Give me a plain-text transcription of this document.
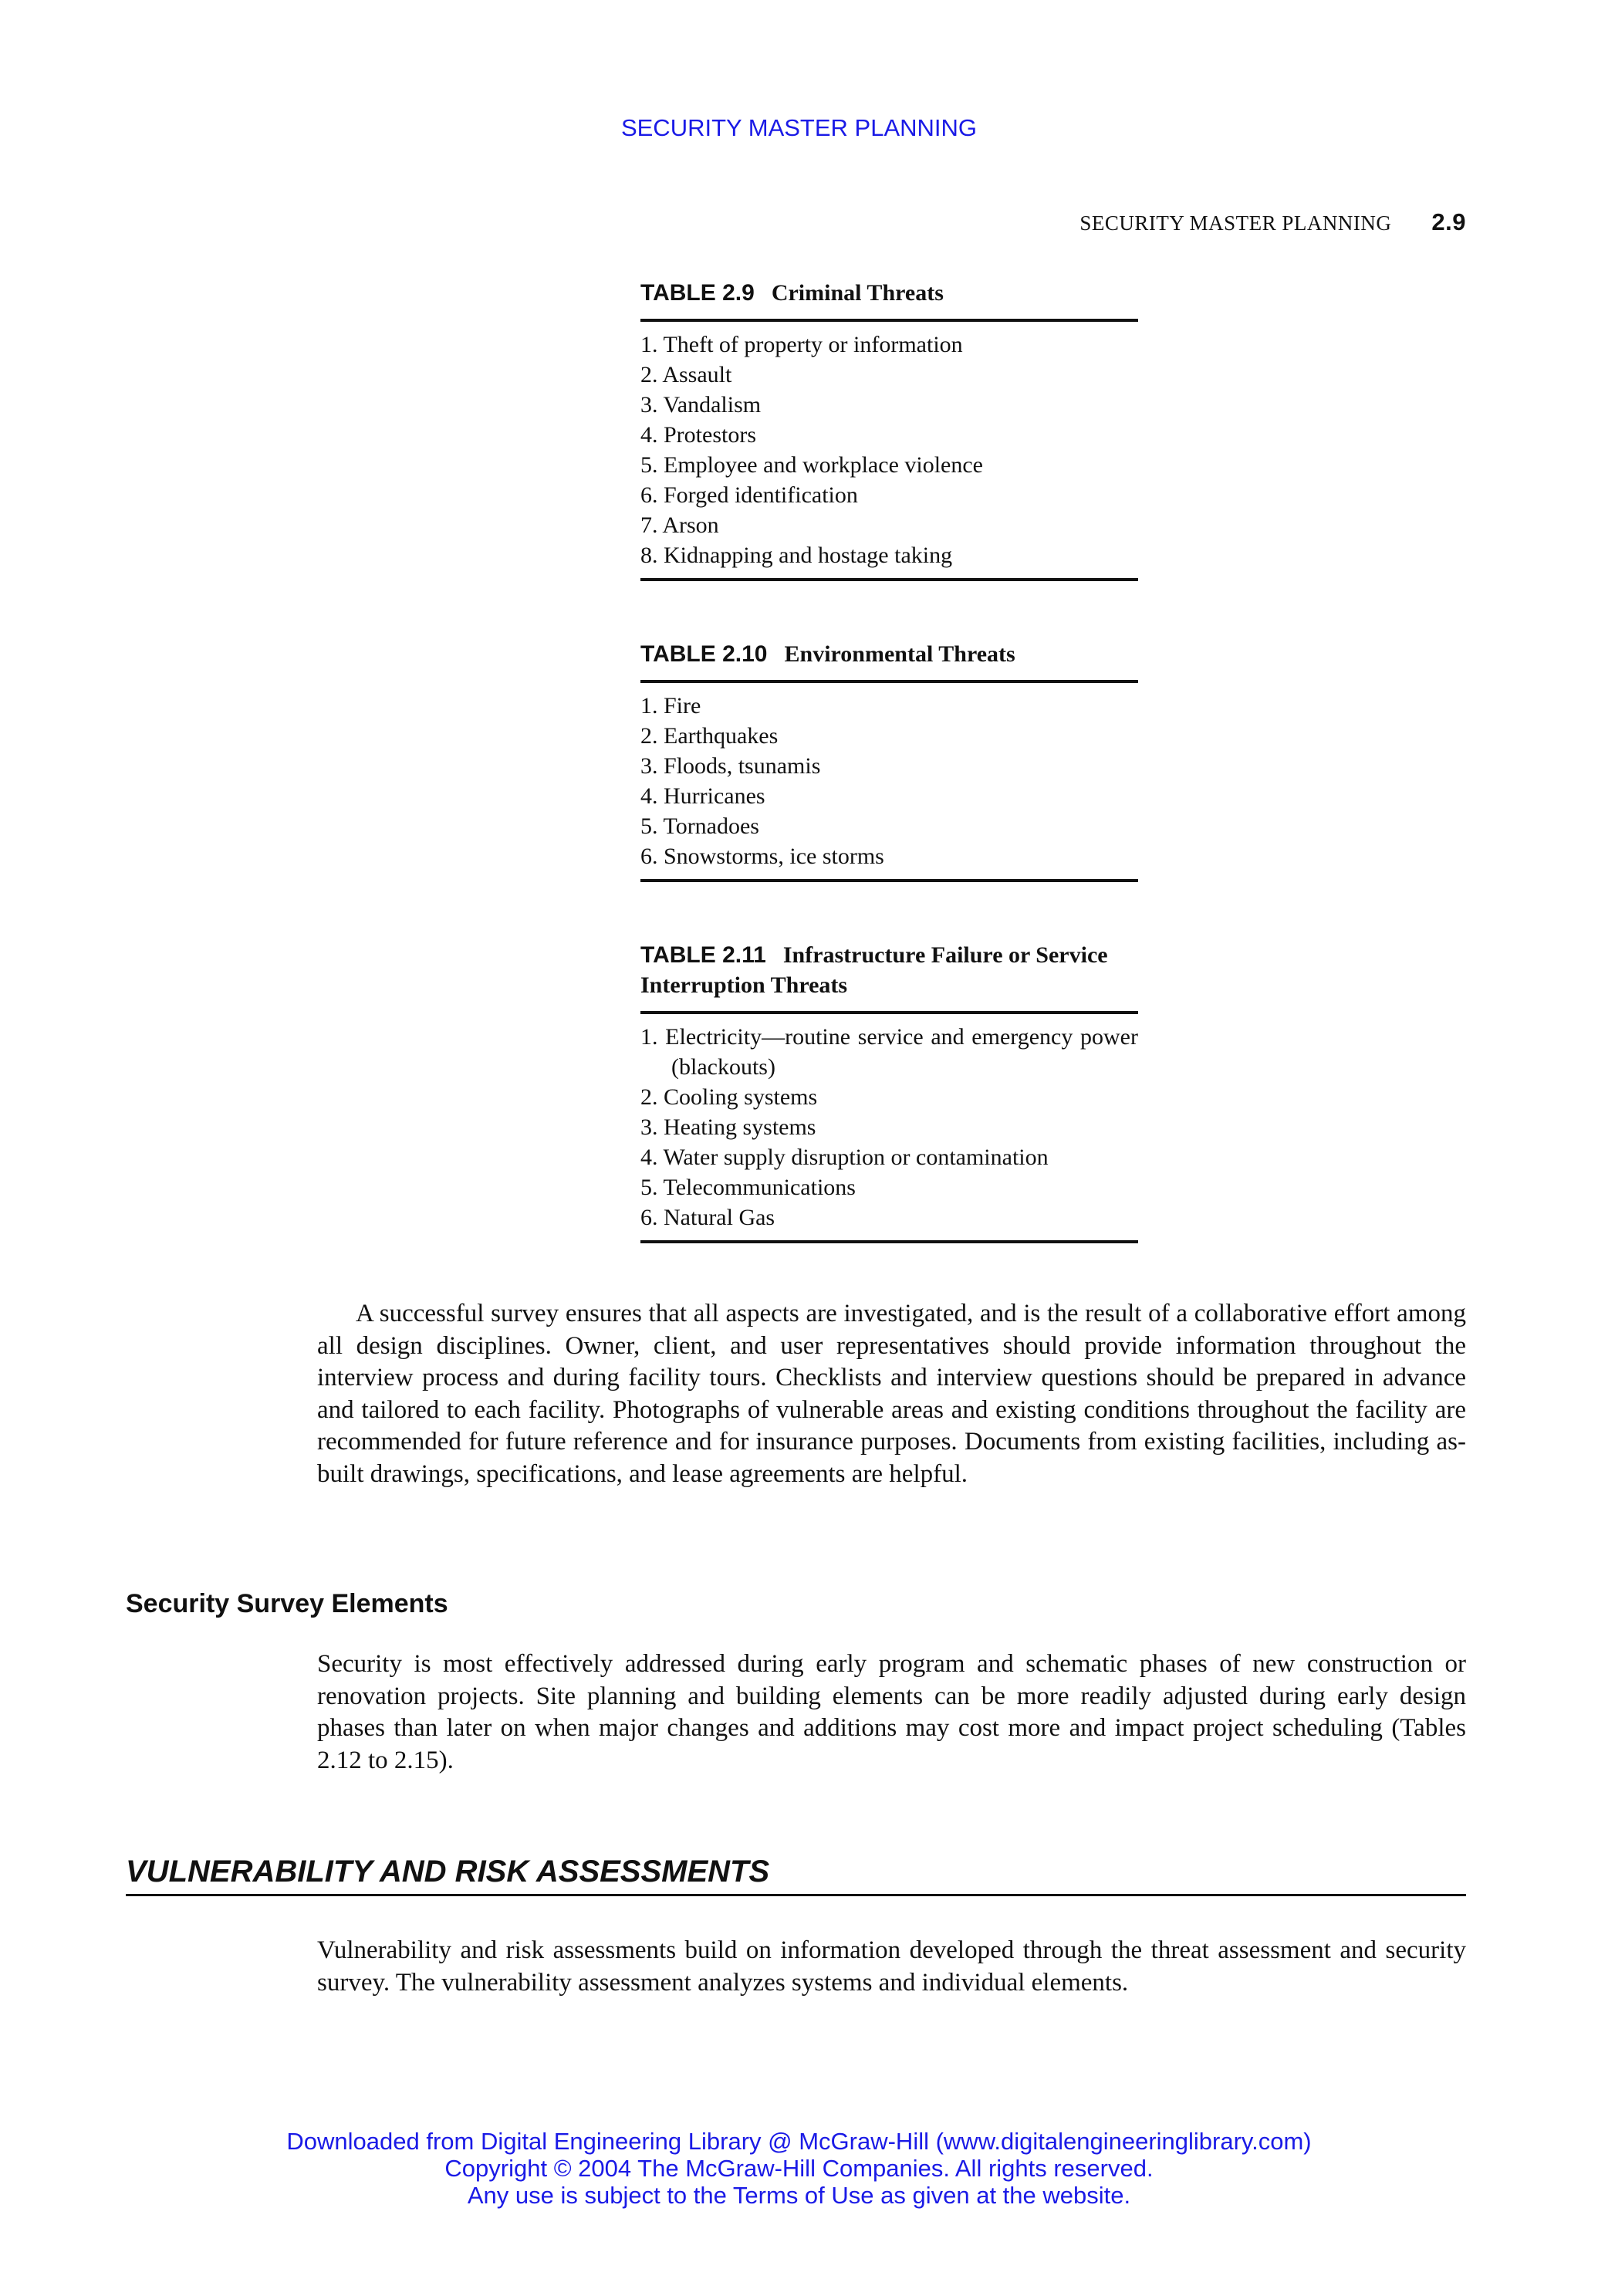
SECURITY MASTER PLANNING
SECURITY MASTER PLANNING 2.9
TABLE 2.9 Criminal Threats
1. Theft of property or information
2. Assault
3. Vandalism
4. Protestors
5. Employee and workplace violence
6. Forged identification
7. Arson
8. Kidnapping and hostage taking
TABLE 2.10 Environmental Threats
1. Fire
2. Earthquakes
3. Floods, tsunamis
4. Hurricanes
5. Tornadoes
6. Snowstorms, ice storms
TABLE 2.11 Infrastructure Failure or Service Interruption Threats
1. Electricity—routine service and emergency power (blackouts)
2. Cooling systems
3. Heating systems
4. Water supply disruption or contamination
5. Telecommunications
6. Natural Gas

A successful survey ensures that all aspects are investigated, and is the result of a collaborative effort among all design disciplines. Owner, client, and user representatives should provide information throughout the interview process and during facility tours. Checklists and interview questions should be prepared in advance and tailored to each facility. Photographs of vulnerable areas and existing conditions throughout the facility are recommended for future reference and for insurance purposes. Documents from existing facilities, including as-built drawings, specifications, and lease agreements are helpful.

Security Survey Elements

Security is most effectively addressed during early program and schematic phases of new construction or renovation projects. Site planning and building elements can be more readily adjusted during early design phases than later on when major changes and additions may cost more and impact project scheduling (Tables 2.12 to 2.15).

VULNERABILITY AND RISK ASSESSMENTS

Vulnerability and risk assessments build on information developed through the threat assessment and security survey. The vulnerability assessment analyzes systems and individual elements.

Downloaded from Digital Engineering Library @ McGraw-Hill (www.digitalengineeringlibrary.com)
Copyright © 2004 The McGraw-Hill Companies. All rights reserved.
Any use is subject to the Terms of Use as given at the website.
